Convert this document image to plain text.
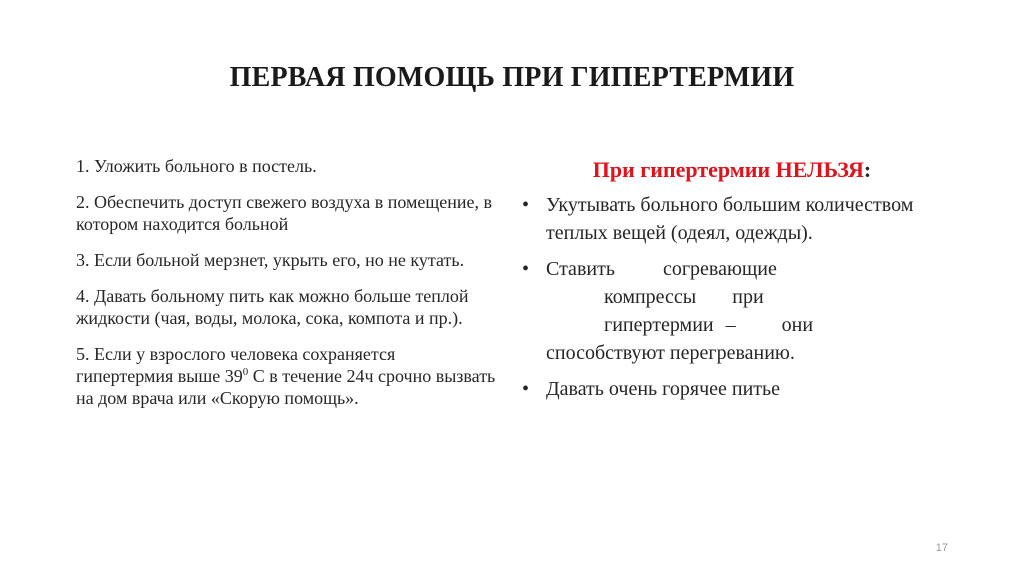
ПЕРВАЯ ПОМОЩЬ ПРИ ГИПЕРТЕРМИИ

1. Уложить больного в постель.

2. Обеспечить доступ свежего воздуха в помещение, в котором находится больной

3. Если больной мерзнет, укрыть его, но не кутать.

4. Давать больному пить как можно больше теплой жидкости (чая, воды, молока, сока, компота и пр.).

5. Если у взрослого человека сохраняется гипертермия выше $39^0$ С в течение 24ч срочно вызвать на дом врача или «Скорую помощь».

При гипертермии НЕЛЬЗЯ:
• Укутывать больного большим количеством теплых вещей (одеял, одежды).
• Ставить согревающие
компрессы при
гипертермии – они
способствуют перегреванию.
• Давать очень горячее питье
17
